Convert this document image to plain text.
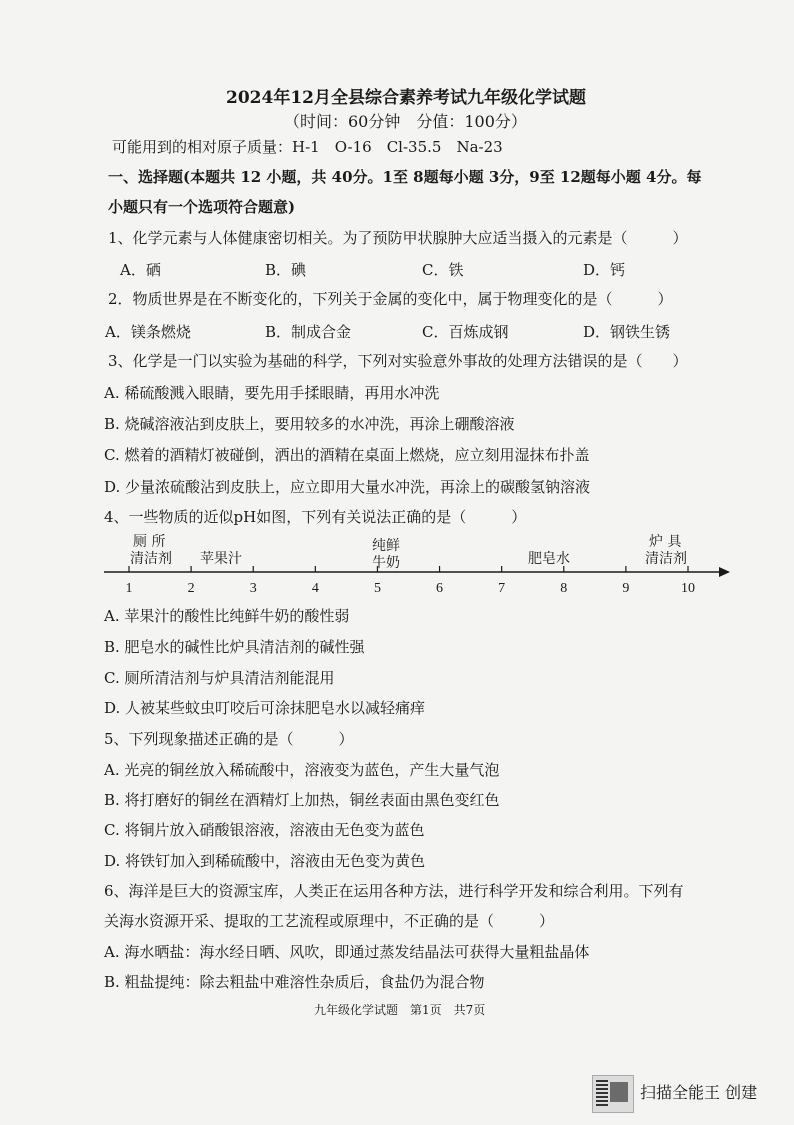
2024年12月全县综合素养考试九年级化学试题
（时间：60分钟　分值：100分）
可能用到的相对原子质量：H-1　O-16　Cl-35.5　Na-23
一、选择题(本题共 12 小题，共 40分。1至 8题每小题 3分，9至 12题每小题 4分。每
小题只有一个选项符合题意)
1、化学元素与人体健康密切相关。为了预防甲状腺肿大应适当摄入的元素是（　　　）
A．硒	B．碘	C．铁	D．钙
2．物质世界是在不断变化的，下列关于金属的变化中，属于物理变化的是（　　　）
A．镁条燃烧	B．制成合金	C．百炼成钢	D．钢铁生锈
3、化学是一门以实验为基础的科学，下列对实验意外事故的处理方法错误的是（　　）
A. 稀硫酸溅入眼睛，要先用手揉眼睛，再用水冲洗
B. 烧碱溶液沾到皮肤上，要用较多的水冲洗，再涂上硼酸溶液
C. 燃着的酒精灯被碰倒，洒出的酒精在桌面上燃烧，应立刻用湿抹布扑盖
D. 少量浓硫酸沾到皮肤上，应立即用大量水冲洗，再涂上的碳酸氢钠溶液
4、一些物质的近似pH如图，下列有关说法正确的是（　　　）
1	2	3	4	5	6	7	8	9	10
厕 所
清洁剂 苹果汁
纯鲜
牛奶	肥皂水
炉 具
清洁剂
A. 苹果汁的酸性比纯鲜牛奶的酸性弱
B. 肥皂水的碱性比炉具清洁剂的碱性强
C. 厕所清洁剂与炉具清洁剂能混用
D. 人被某些蚊虫叮咬后可涂抹肥皂水以减轻痛痒
5、下列现象描述正确的是（　　　）
A. 光亮的铜丝放入稀硫酸中，溶液变为蓝色，产生大量气泡
B. 将打磨好的铜丝在酒精灯上加热，铜丝表面由黑色变红色
C. 将铜片放入硝酸银溶液，溶液由无色变为蓝色
D. 将铁钉加入到稀硫酸中，溶液由无色变为黄色
6、海洋是巨大的资源宝库，人类正在运用各种方法，进行科学开发和综合利用。下列有
关海水资源开采、提取的工艺流程或原理中，不正确的是（　　　）
A. 海水晒盐：海水经日晒、风吹，即通过蒸发结晶法可获得大量粗盐晶体
B. 粗盐提纯：除去粗盐中难溶性杂质后，食盐仍为混合物
九年级化学试题　第1页　共7页
扫描全能王 创建
